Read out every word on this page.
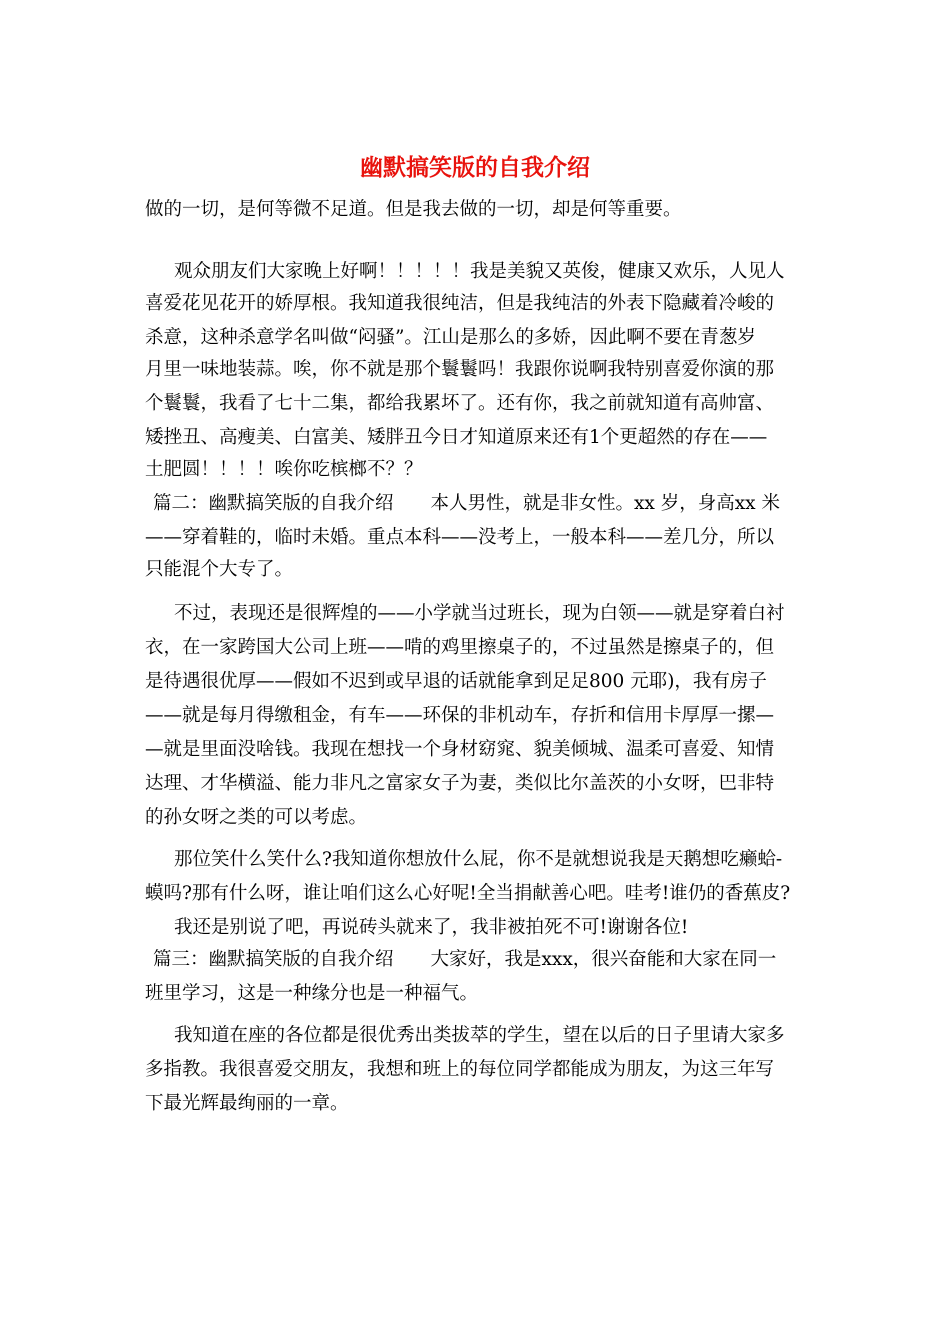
幽默搞笑版的自我介绍

做的一切，是何等微不足道。但是我去做的一切，却是何等重要。

观众朋友们大家晚上好啊！！！！！我是美貌又英俊，健康又欢乐，人见人

喜爱花见花开的娇厚根。我知道我很纯洁，但是我纯洁的外表下隐藏着冷峻的

杀意，这种杀意学名叫做“闷骚”。江山是那么的多娇，因此啊不要在青葱岁

月里一味地装蒜。唉，你不就是那个鬟鬟吗！我跟你说啊我特别喜爱你演的那

个鬟鬟，我看了七十二集，都给我累坏了。还有你，我之前就知道有高帅富、

矮挫丑、高瘦美、白富美、矮胖丑今日才知道原来还有1个更超然的存在——

土肥圆！！！！唉你吃槟榔不？？

篇二：幽默搞笑版的自我介绍　　本人男性，就是非女性。xx 岁，身高xx 米

——穿着鞋的，临时未婚。重点本科——没考上，一般本科——差几分，所以

只能混个大专了。

不过，表现还是很辉煌的——小学就当过班长，现为白领——就是穿着白衬

衣，在一家跨国大公司上班——啃的鸡里擦桌子的，不过虽然是擦桌子的，但

是待遇很优厚——假如不迟到或早退的话就能拿到足足800 元耶)，我有房子

——就是每月得缴租金，有车——环保的非机动车，存折和信用卡厚厚一摞—

—就是里面没啥钱。我现在想找一个身材窈窕、貌美倾城、温柔可喜爱、知情

达理、才华横溢、能力非凡之富家女子为妻，类似比尔盖茨的小女呀，巴非特

的孙女呀之类的可以考虑。

那位笑什么笑什么?我知道你想放什么屁，你不是就想说我是天鹅想吃癞蛤-

蟆吗?那有什么呀，谁让咱们这么心好呢!全当捐献善心吧。哇考!谁仍的香蕉皮?

我还是别说了吧，再说砖头就来了，我非被拍死不可!谢谢各位!

篇三：幽默搞笑版的自我介绍　　大家好，我是xxx，很兴奋能和大家在同一

班里学习，这是一种缘分也是一种福气。

我知道在座的各位都是很优秀出类拔萃的学生，望在以后的日子里请大家多

多指教。我很喜爱交朋友，我想和班上的每位同学都能成为朋友，为这三年写

下最光辉最绚丽的一章。
